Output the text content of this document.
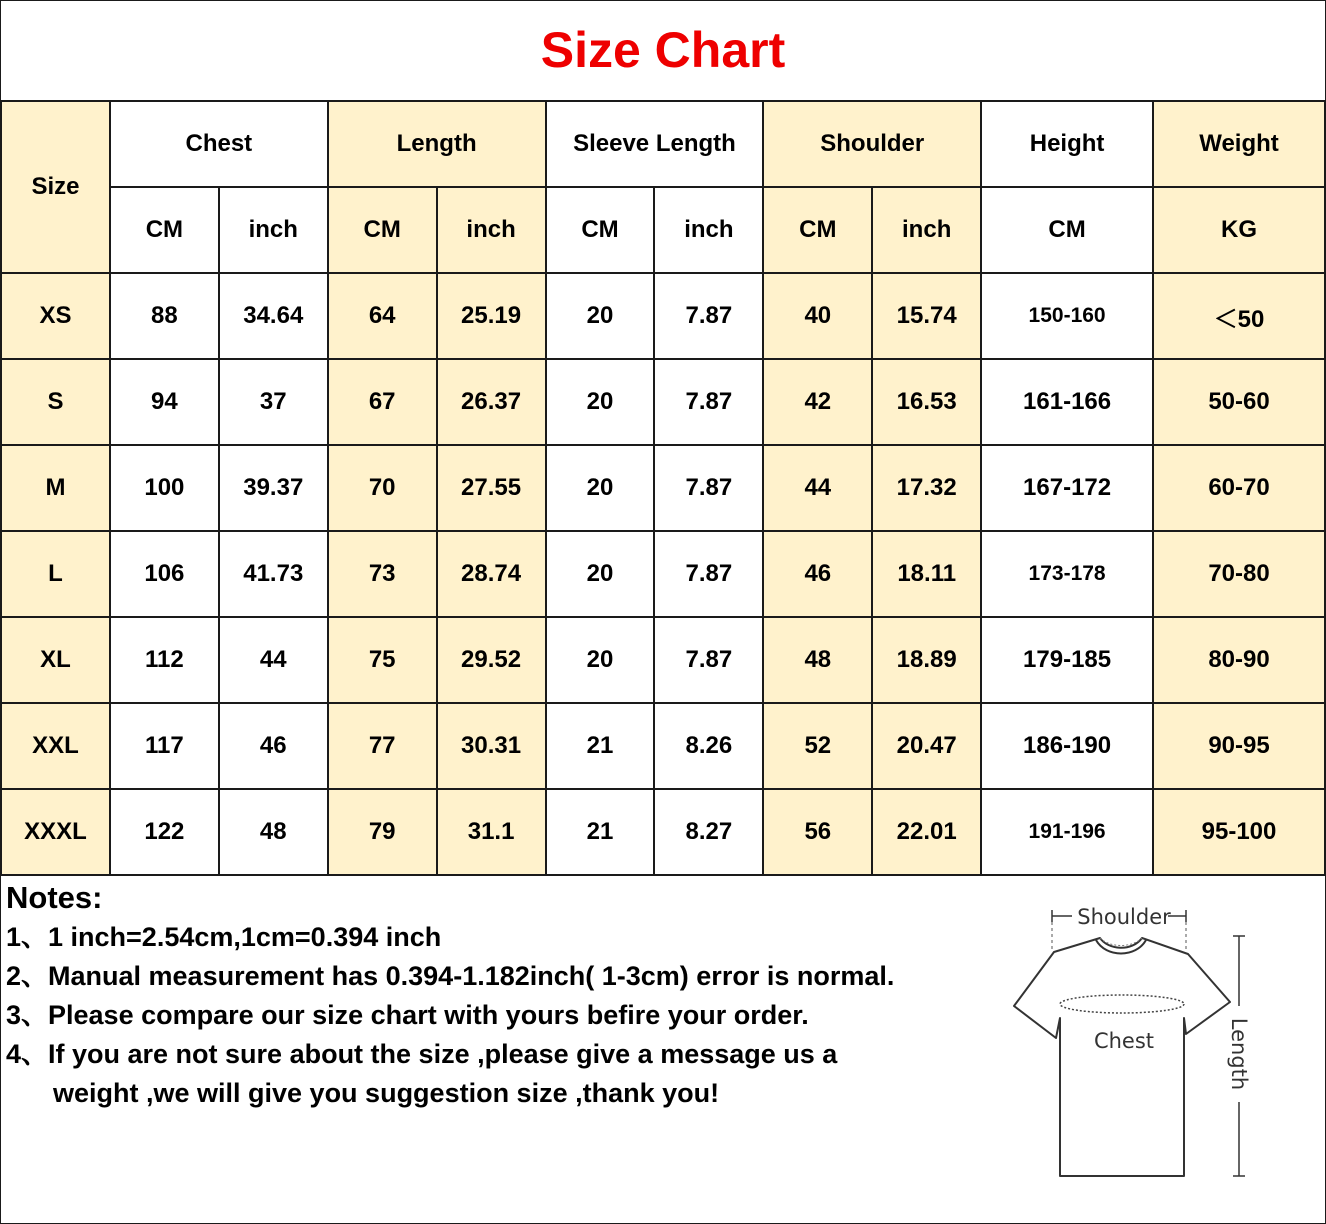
Size Chart
Size	Chest		Length		Sleeve Length		Shoulder		Height	Weight
	CM	inch	CM	inch	CM	inch	CM	inch	CM	KG
XS	88	34.64	64	25.19	20	7.87	40	15.74	150-160	＜50
S	94	37	67	26.37	20	7.87	42	16.53	161-166	50-60
M	100	39.37	70	27.55	20	7.87	44	17.32	167-172	60-70
L	106	41.73	73	28.74	20	7.87	46	18.11	173-178	70-80
XL	112	44	75	29.52	20	7.87	48	18.89	179-185	80-90
XXL	117	46	77	30.31	21	8.26	52	20.47	186-190	90-95
XXXL	122	48	79	31.1	21	8.27	56	22.01	191-196	95-100
Notes:
1、1 inch=2.54cm,1cm=0.394 inch
2、Manual measurement has 0.394-1.182inch( 1-3cm) error is normal.
3、Please compare our size chart with yours befire your order.
4、If you are not sure about the size ,please give a message us a
weight ,we will give you suggestion size ,thank you!
Shoulder
Chest	Length
